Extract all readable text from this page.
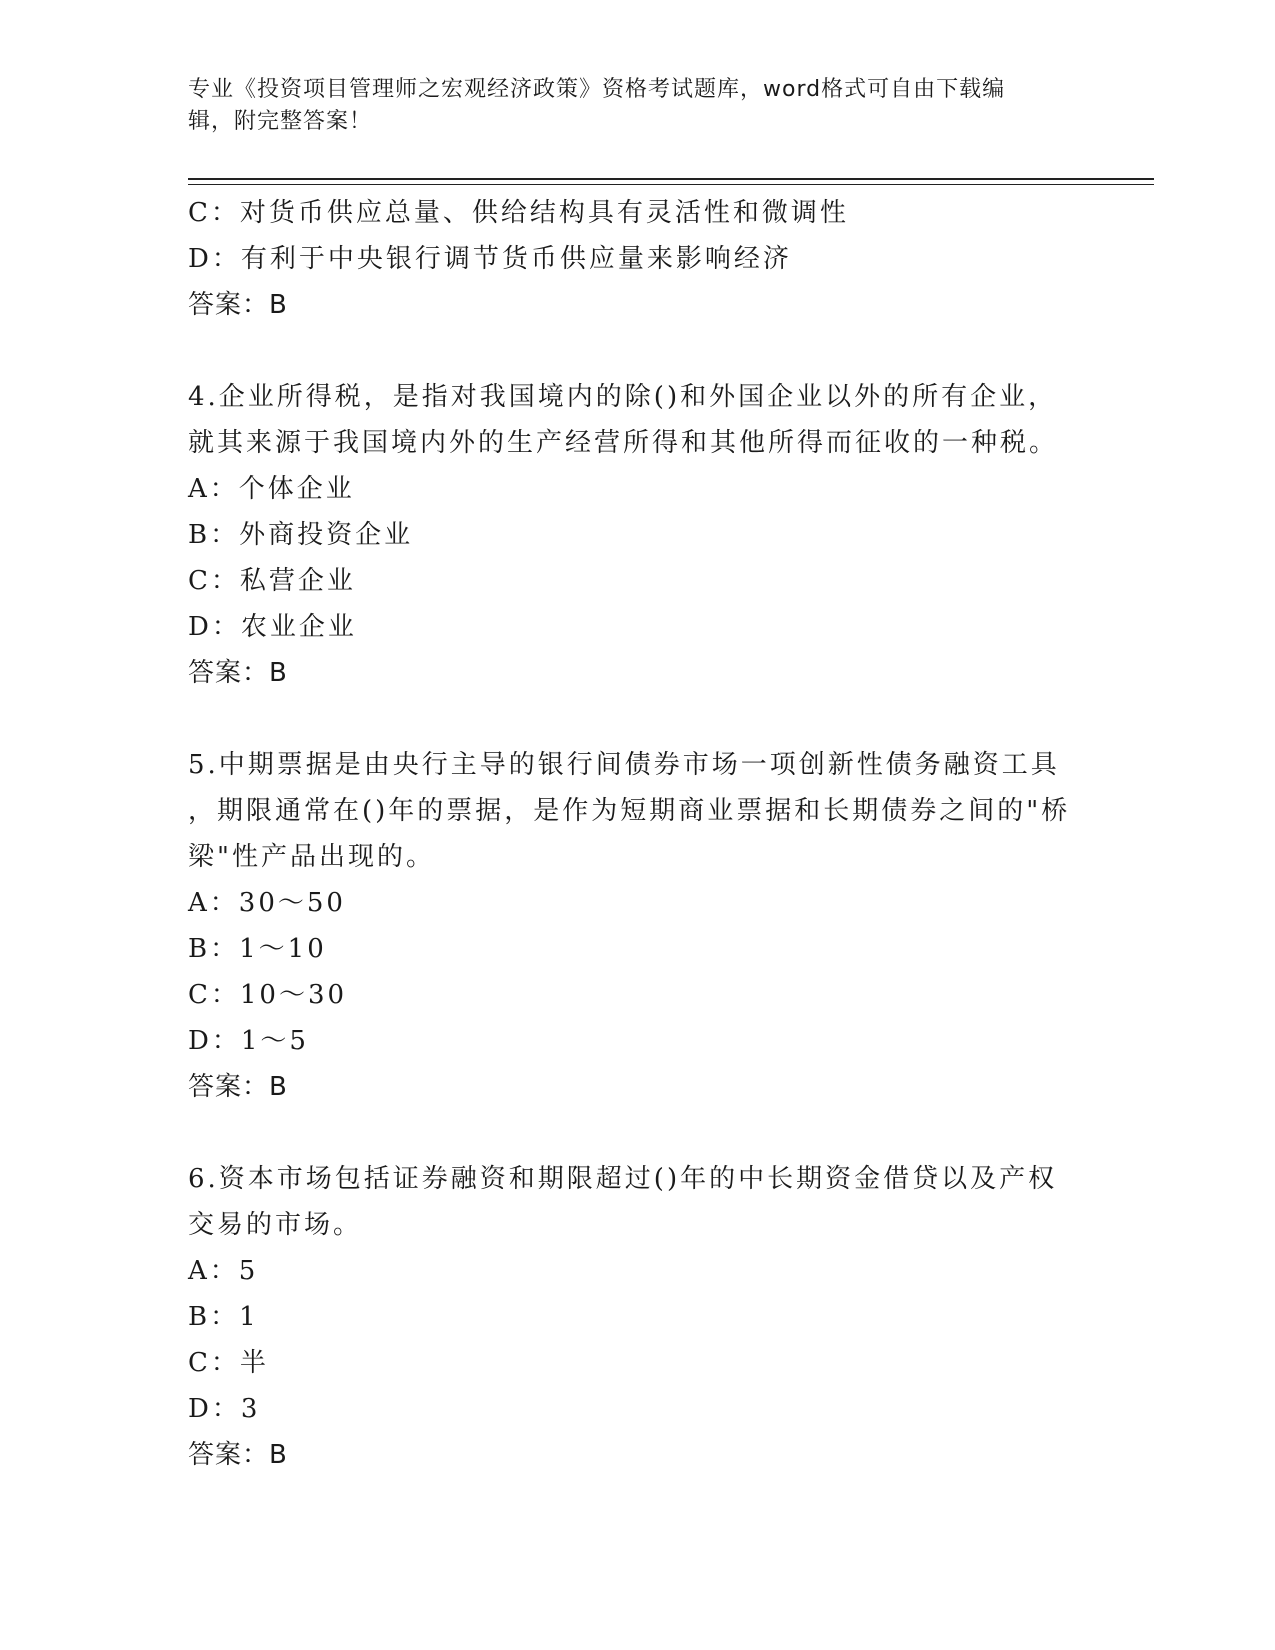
专业《投资项目管理师之宏观经济政策》资格考试题库，word格式可自由下载编
辑，附完整答案！
C：对货币供应总量、供给结构具有灵活性和微调性
D：有利于中央银行调节货币供应量来影响经济
答案：B
4.企业所得税，是指对我国境内的除()和外国企业以外的所有企业，
就其来源于我国境内外的生产经营所得和其他所得而征收的一种税。
A：个体企业
B：外商投资企业
C：私营企业
D：农业企业
答案：B
5.中期票据是由央行主导的银行间债券市场一项创新性债务融资工具
，期限通常在()年的票据，是作为短期商业票据和长期债券之间的"桥
梁"性产品出现的。
A：30～50
B：1～10
C：10～30
D：1～5
答案：B
6.资本市场包括证券融资和期限超过()年的中长期资金借贷以及产权
交易的市场。
A：5
B：1
C：半
D：3
答案：B
